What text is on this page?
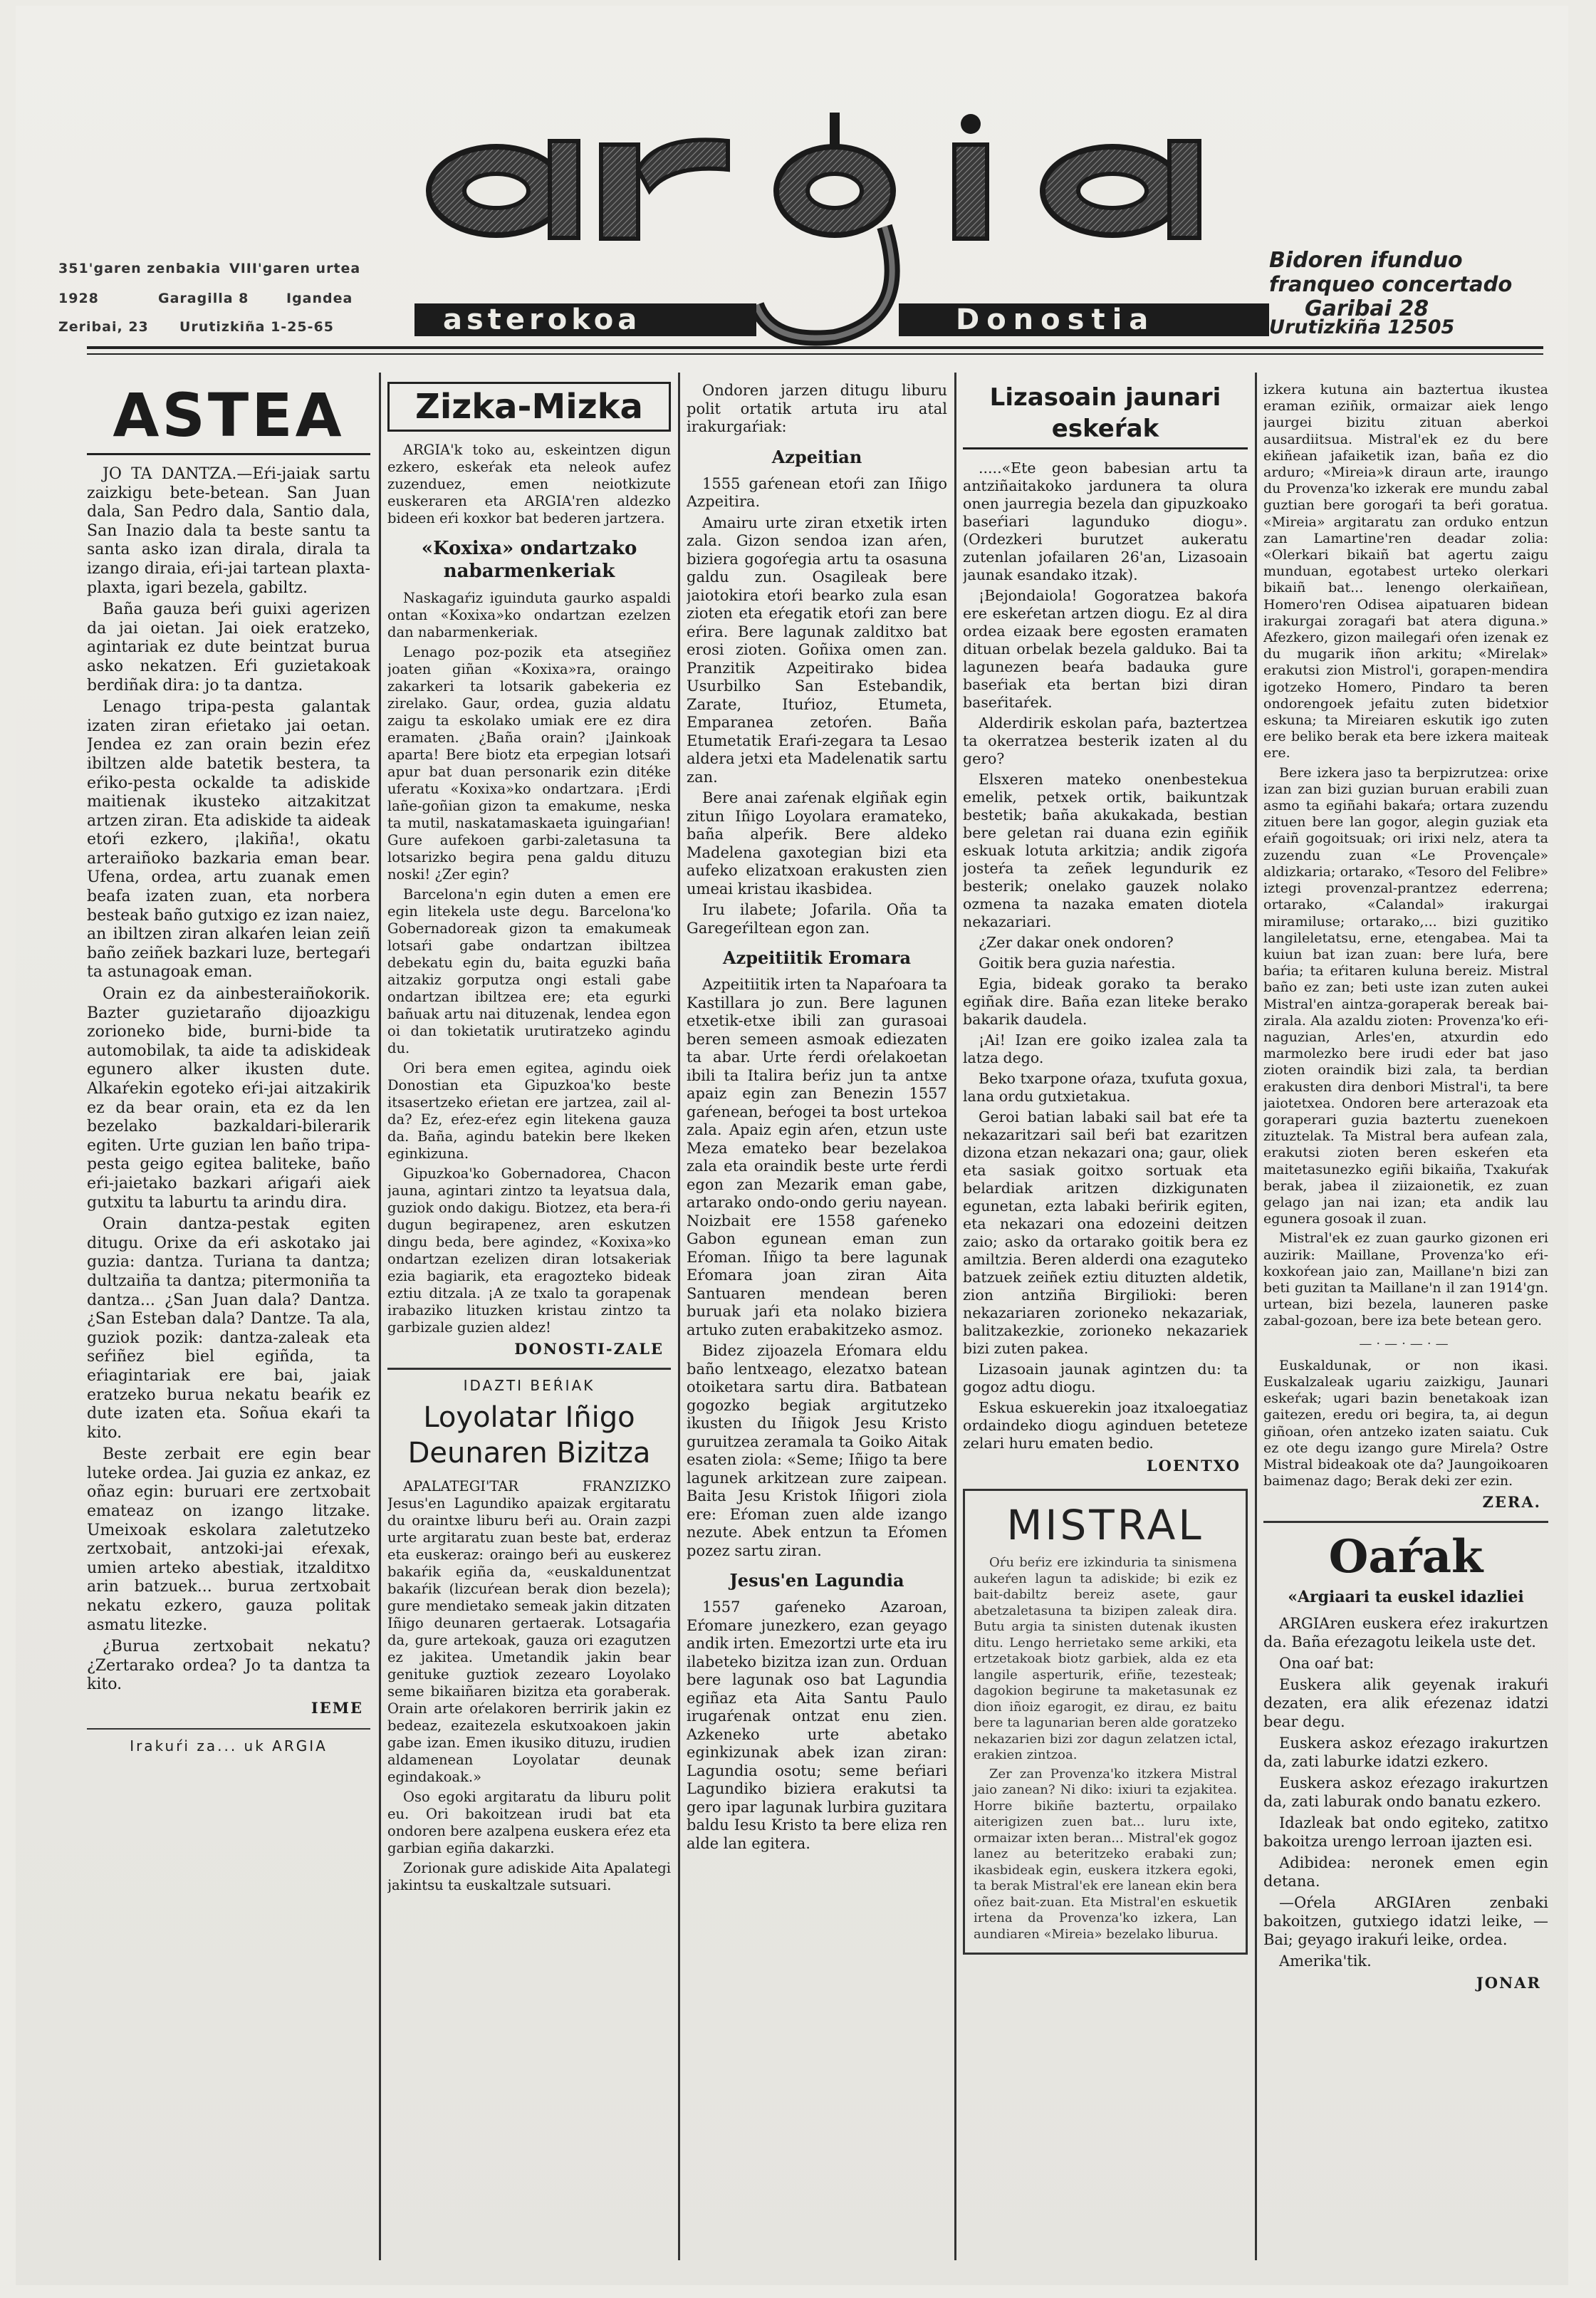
asterokoa	Donostia
351'garen zenbakia VIII'garen urtea
1928	Garagilla 8	Igandea
Zeribai, 23 Urutizkiña 1-25-65
Bidoren ifunduo
franqueo concertado
Garibai 28
Urutizkiña 12505
ASTEA

JO TA DANTZA.—Eŕi-jaiak sartu zaizkigu bete-betean. San Juan dala, San Pedro dala, Santio dala, San Inazio dala ta beste santu ta santa asko izan dirala, dirala ta izango diraia, eŕi-jai tartean plaxta-plaxta, igari bezela, gabiltz.

Baña gauza beŕi guixi agerizen da jai oietan. Jai oiek eratzeko, agintariak ez dute beintzat burua asko nekatzen. Eŕi guzietakoak berdiñak dira: jo ta dantza.

Lenago tripa-pesta galantak izaten ziran eŕietako jai oetan. Jendea ez zan orain bezin eŕez ibiltzen alde batetik bestera, ta eŕiko-pesta ockalde ta adiskide maitienak ikusteko aitzakitzat artzen ziran. Eta adiskide ta aideak etoŕi ezkero, ¡lakiña!, okatu arteraiñoko bazkaria eman bear. Ufena, ordea, artu zuanak emen beafa izaten zuan, eta norbera besteak baño gutxigo ez izan naiez, an ibiltzen ziran alkaŕen leian zeiñ baño zeiñek bazkari luze, bertegaŕi ta astunagoak eman.

Orain ez da ainbesteraiñokorik. Bazter guzietaraño dijoazkigu zorioneko bide, burni-bide ta automobilak, ta aide ta adiskideak egunero alker ikusten dute. Alkaŕekin egoteko eŕi-jai aitzakirik ez da bear orain, eta ez da len bezelako bazkaldari-bilerarik egiten. Urte guzian len baño tripa-pesta geigo egitea baliteke, baño eŕi-jaietako bazkari aŕigaŕi aiek gutxitu ta laburtu ta arindu dira.

Orain dantza-pestak egiten ditugu. Orixe da eŕi askotako jai guzia: dantza. Turiana ta dantza; dultzaiña ta dantza; pitermoniña ta dantza... ¿San Juan dala? Dantza. ¿San Esteban dala? Dantze. Ta ala, guziok pozik: dantza-zaleak eta seŕiñez biel egiñda, ta eŕiagintariak ere bai, jaiak eratzeko burua nekatu beaŕik ez dute izaten eta. Soñua ekaŕi ta kito.

Beste zerbait ere egin bear luteke ordea. Jai guzia ez ankaz, ez oñaz egin: buruari ere zertxobait emateaz on izango litzake. Umeixoak eskolara zaletutzeko zertxobait, antzoki-jai eŕexak, umien arteko abestiak, itzalditxo arin batzuek... burua zertxobait nekatu ezkero, gauza politak asmatu litezke.

¿Burua zertxobait nekatu? ¿Zertarako ordea? Jo ta dantza ta kito.

IEME
Irakuŕi za... uk ARGIA
Zizka-Mizka

ARGIA'k toko au, eskeintzen digun ezkero, eskeŕak eta neleok aufez zuzenduez, emen neiotkizute euskeraren eta ARGIA'ren aldezko bideen eŕi koxkor bat bederen jartzera.

«Koxixa» ondartzako nabarmenkeriak

Naskagaŕiz iguinduta gaurko aspaldi ontan «Koxixa»ko ondartzan ezelzen dan nabarmenkeriak.

Lenago poz-pozik eta atsegiñez joaten giñan «Koxixa»ra, oraingo zakarkeri ta lotsarik gabekeria ez zirelako. Gaur, ordea, guzia aldatu zaigu ta eskolako umiak ere ez dira eramaten. ¿Baña orain? ¡Jainkoak aparta! Bere biotz eta erpegian lotsaŕi apur bat duan personarik ezin ditéke uferatu «Koxixa»ko ondartzara. ¡Erdi lañe-goñian gizon ta emakume, neska ta mutil, naskatamaskaeta iguingaŕian! Gure aufekoen garbi-zaletasuna ta lotsarizko begira pena galdu dituzu noski! ¿Zer egin?

Barcelona'n egin duten a emen ere egin litekela uste degu. Barcelona'ko Gobernadoreak gizon ta emakumeak lotsaŕi gabe ondartzan ibiltzea debekatu egin du, baita eguzki baña aitzakiz gorputza ongi estali gabe ondartzan ibiltzea ere; eta egurki bañuak artu nai dituzenak, lendea egon oi dan tokietatik urutiratzeko agindu du.

Ori bera emen egitea, agindu oiek Donostian eta Gipuzkoa'ko beste itsasertzeko eŕietan ere jartzea, zail al-da? Ez, eŕez-eŕez egin litekena gauza da. Baña, agindu batekin bere lkeken eginkizuna.

Gipuzkoa'ko Gobernadorea, Chacon jauna, agintari zintzo ta leyatsua dala, guziok ondo dakigu. Biotzez, eta bera-ŕi dugun begirapenez, aren eskutzen dingu beda, bere agindez, «Koxixa»ko ondartzan ezelizen diran lotsakeriak ezia bagiarik, eta eragozteko bideak eztiu ditzala. ¡A ze txalo ta gorapenak irabaziko lituzken kristau zintzo ta garbizale guzien aldez!

DONOSTI-ZALE
IDAZTI BEŔIAK
Loyolatar Iñigo Deunaren Bizitza

APALATEGI'TAR FRANZIZKO Jesus'en Lagundiko apaizak ergitaratu du oraintxe liburu beŕi au. Orain zazpi urte argitaratu zuan beste bat, erderaz eta euskeraz: oraingo beŕi au euskerez bakaŕik egiña da, «euskaldunentzat bakaŕik (lizcuŕean berak dion bezela); gure mendietako semeak jakin ditzaten Iñigo deunaren gertaerak. Lotsagaŕia da, gure artekoak, gauza ori ezagutzen ez jakitea. Umetandik jakin bear genituke guztiok zezearo Loyolako seme bikaiñaren bizitza eta goraberak. Orain arte oŕelakoren berririk jakin ez bedeaz, ezaitezela eskutxoakoen jakin gabe izan. Emen ikusiko dituzu, irudien aldamenean Loyolatar deunak egindakoak.»

Oso egoki argitaratu da liburu polit eu. Ori bakoitzean irudi bat eta ondoren bere azalpena euskera eŕez eta garbian egiña dakarzki.

Zorionak gure adiskide Aita Apalategi jakintsu ta euskaltzale sutsuari.

Ondoren jarzen ditugu liburu polit ortatik artuta iru atal irakurgaŕiak:

Azpeitian

1555 gaŕenean etoŕi zan Iñigo Azpeitira.

Amairu urte ziran etxetik irten zala. Gizon sendoa izan aŕen, biziera gogoŕegia artu ta osasuna galdu zun. Osagileak bere jaiotokira etoŕi bearko zula esan zioten eta eŕegatik etoŕi zan bere eŕira. Bere lagunak zalditxo bat erosi zioten. Goñixa omen zan. Pranzitik Azpeitirako bidea Usurbilko San Estebandik, Zarate, Ituŕioz, Etumeta, Emparanea zetoŕen. Baña Etumetatik Eraŕi-zegara ta Lesao aldera jetxi eta Madelenatik sartu zan.

Bere anai zaŕenak elgiñak egin zitun Iñigo Loyolara eramateko, baña alpeŕik. Bere aldeko Madelena gaxotegian bizi eta aufeko elizatxoan erakusten zien umeai kristau ikasbidea.

Iru ilabete; Jofarila. Oña ta Garegeŕiltean egon zan.

Azpeitiitik Eromara

Azpeitiitik irten ta Napaŕoara ta Kastillara jo zun. Bere lagunen etxetik-etxe ibili zan gurasoai beren semeen asmoak ediezaten ta abar. Urte ŕerdi oŕelakoetan ibili ta Italira beŕiz jun ta antxe apaiz egin zan Benezin 1557 gaŕenean, beŕogei ta bost urtekoa zala. Apaiz egin aŕen, etzun uste Meza emateko bear bezelakoa zala eta oraindik beste urte ŕerdi egon zan Mezarik eman gabe, artarako ondo-ondo geriu nayean. Noizbait ere 1558 gaŕeneko Gabon egunean eman zun Eŕoman. Iñigo ta bere lagunak Eŕomara joan ziran Aita Santuaren mendean beren buruak jaŕi eta nolako biziera artuko zuten erabakitzeko asmoz.

Bidez zijoazela Eŕomara eldu baño lentxeago, elezatxo batean otoiketara sartu dira. Batbatean gogozko begiak argitutzeko ikusten du Iñigok Jesu Kristo guruitzea zeramala ta Goiko Aitak esaten ziola: «Seme; Iñigo ta bere lagunek arkitzean zure zaipean. Baita Jesu Kristok Iñigori ziola ere: Eŕoman zuen alde izango nezute. Abek entzun ta Eŕomen pozez sartu ziran.

Jesus'en Lagundia

1557 gaŕeneko Azaroan, Eŕomare junezkero, ezan geyago andik irten. Emezortzi urte eta iru ilabeteko bizitza izan zun. Orduan bere lagunak oso bat Lagundia egiñaz eta Aita Santu Paulo irugaŕenak ontzat enu zien. Azkeneko urte abetako eginkizunak abek izan ziran: Lagundia osotu; seme beŕiari Lagundiko biziera erakutsi ta gero ipar lagunak lurbira guzitara baldu Iesu Kristo ta bere eliza ren alde lan egitera.

Lizasoain jaunari eskeŕak

.....«Ete geon babesian artu ta antziñaitakoko jardunera ta olura onen jaurregia bezela dan gipuzkoako baseŕiari lagunduko diogu». (Ordezkeri burutzet aukeratu zutenlan jofailaren 26'an, Lizasoain jaunak esandako itzak).

¡Bejondaiola! Gogoratzea bakoŕa ere eskeŕetan artzen diogu. Ez al dira ordea eizaak bere egosten eramaten dituan orbelak bezela galduko. Bai ta lagunezen beaŕa badauka gure baseŕiak eta bertan bizi diran baseŕitaŕek.

Alderdirik eskolan paŕa, baztertzea ta okerratzea besterik izaten al du gero?

Elsxeren mateko onenbestekua emelik, petxek ortik, baikuntzak bestetik; baña akukakada, bestian bere geletan rai duana ezin egiñik eskuak lotuta arkitzia; andik zigoŕa josteŕa ta zeñek legundurik ez besterik; onelako gauzek nolako ozmena ta nazaka ematen diotela nekazariari.

¿Zer dakar onek ondoren?

Goitik bera guzia naŕestia.

Egia, bideak gorako ta berako egiñak dire. Baña ezan liteke berako bakarik daudela.

¡Ai! Izan ere goiko izalea zala ta latza dego.

Beko txarpone oŕaza, txufuta goxua, lana ordu gutxietakua.

Geroi batian labaki sail bat eŕe ta nekazaritzari sail beŕi bat ezaritzen dizona etzan nekazari ona; gaur, oliek eta sasiak goitxo sortuak eta belardiak aritzen dizkigunaten egunetan, ezta labaki beŕirik egiten, eta nekazari ona edozeini deitzen zaio; asko da ortarako goitik bera ez amiltzia. Beren alderdi ona ezaguteko batzuek zeiñek eztiu dituzten aldetik, zion antziña Birgilioki: beren nekazariaren zorioneko nekazariak, balitzakezkie, zorioneko nekazariek bizi zuten pakea.

Lizasoain jaunak agintzen du: ta gogoz adtu diogu.

Eskua eskuerekin joaz itxaloegatiaz ordaindeko diogu aginduen beteteze zelari huru ematen bedio.

LOENTXO
MISTRAL

Oŕu beŕiz ere izkinduria ta sinismena aukeŕen lagun ta adiskide; bi ezik ez bait-dabiltz bereiz asete, gaur abetzaletasuna ta bizipen zaleak dira. Butu argia ta sinisten dutenak ikusten ditu. Lengo herrietako seme arkiki, eta ertzetakoak biotz garbiek, alda ez eta langile asperturik, eŕiñe, tezesteak; dagokion begirune ta maketasunak ez dion iñoiz egarogit, ez dirau, ez baitu bere ta lagunarian beren alde goratzeko nekazarien bizi zor dagun zelatzen ictal, erakien zintzoa.

Zer zan Provenza'ko itzkera Mistral jaio zanean? Ni diko: ixiuri ta ezjakitea. Horre bikiñe baztertu, orpailako aiterigizen zuen bat... luru ixte, ormaizar ixten beran... Mistral'ek gogoz lanez au beteritzeko erabaki zun; ikasbideak egin, euskera itzkera egoki, ta berak Mistral'ek ere lanean ekin bera oñez bait-zuan. Eta Mistral'en eskuetik irtena da Provenza'ko izkera, Lan aundiaren «Mireia» bezelako liburua.

izkera kutuna ain baztertua ikustea eraman eziñik, ormaizar aiek lengo jaurgei bizitu zituan aberkoi ausardiitsua. Mistral'ek ez du bere ekiñean jafaiketik izan, baña ez dio arduro; «Mireia»k diraun arte, iraungo du Provenza'ko izkerak ere mundu zabal guztian bere gorogaŕi ta beŕi goratua. «Mireia» argitaratu zan orduko entzun zan Lamartine'ren deadar zolia: «Olerkari bikaiñ bat agertu zaigu munduan, egotabest urteko olerkari bikaiñ bat... lenengo olerkaiñean, Homero'ren Odisea aipatuaren bidean irakurgai zoragaŕi bat atera diguna.» Afezkero, gizon mailegaŕi oŕen izenak ez du mugarik iñon arkitu; «Mirelak» erakutsi zion Mistrol'i, gorapen-mendira igotzeko Homero, Pindaro ta beren ondorengoek jefaitu zuten bidetxior eskuna; ta Mireiaren eskutik igo zuten ere beliko berak eta bere izkera maiteak ere.

Bere izkera jaso ta berpizrutzea: orixe izan zan bizi guzian buruan erabili zuan asmo ta egiñahi bakaŕa; ortara zuzendu zituen bere lan gogor, alegin guziak eta eŕaiñ gogoitsuak; ori irixi nelz, atera ta zuzendu zuan «Le Provençale» aldizkaria; ortarako, «Tesoro del Felibre» iztegi provenzal-prantzez ederrena; ortarako, «Calandal» irakurgai miramiluse; ortarako,... bizi guzitiko langileletatsu, erne, etengabea. Mai ta kuiun bat izan zuan: bere luŕa, bere baŕia; ta eŕitaren kuluna bereiz. Mistral baño ez zan; beti uste izan zuten aukei Mistral'en aintza-goraperak bereak bai-zirala. Ala azaldu zioten: Provenza'ko eŕi-naguzian, Arles'en, atxurdin edo marmolezko bere irudi eder bat jaso zioten oraindik bizi zala, ta berdian erakusten dira denbori Mistral'i, ta bere jaiotetxea. Ondoren bere arterazoak eta goraperari guzia baztertu zuenekoen zituztelak. Ta Mistral bera aufean zala, erakutsi zioten beren eskeŕen eta maitetasunezko egiñi bikaiña, Txakuŕak berak, jabea il ziizaionetik, ez zuan gelago jan nai izan; eta andik lau egunera gosoak il zuan.

Mistral'ek ez zuan gaurko gizonen eri auzirik: Maillane, Provenza'ko eŕi-koxkoŕean jaio zan, Maillane'n bizi zan beti guzitan ta Maillane'n il zan 1914'gn. urtean, bizi bezela, launeren paske zabal-gozoan, bere iza bete betean gero.

—·—·—·—

Euskaldunak, or non ikasi. Euskalzaleak ugariu zaizkigu, Jaunari eskeŕak; ugari bazin benetakoak izan gaitezen, eredu ori begira, ta, ai degun giñoan, oŕen antzeko izaten saiatu. Cuk ez ote degu izango gure Mirela? Ostre Mistral bideakoak ote da? Jaungoikoaren baimenaz dago; Berak deki zer ezin.

ZERA.
Oaŕak
«Argiaari ta euskel idazliei

ARGIAren euskera eŕez irakurtzen da. Baña eŕezagotu leikela uste det.

Ona oaŕ bat:

Euskera alik geyenak irakuŕi dezaten, era alik eŕezenaz idatzi bear degu.

Euskera askoz eŕezago irakurtzen da, zati laburke idatzi ezkero.

Euskera askoz eŕezago irakurtzen da, zati laburak ondo banatu ezkero.

Idazleak bat ondo egiteko, zatitxo bakoitza urengo lerroan ijazten esi.

Adibidea: neronek emen egin detana.

—Oŕela ARGIAren zenbaki bakoitzen, gutxiego idatzi leike, —Bai; geyago irakuŕi leike, ordea.

Amerika'tik.

JONAR
